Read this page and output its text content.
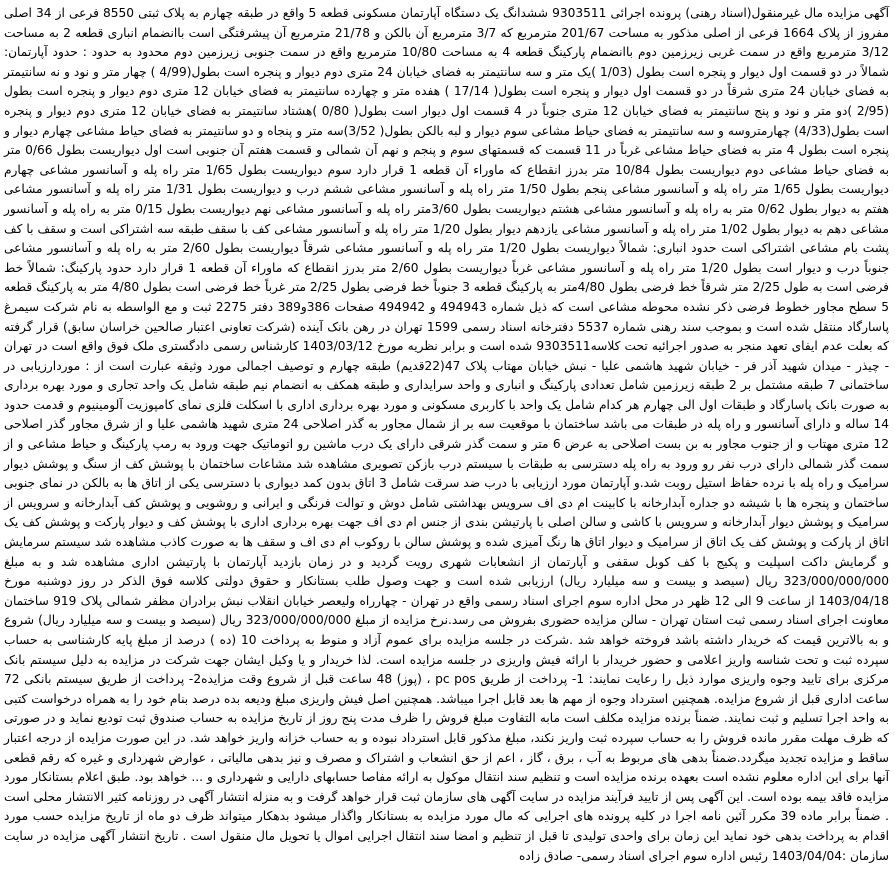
آگهی مزایده مال غیرمنقول(اسناد رهنی) پرونده اجرائی 9303511 ششدانگ یک دستگاه آپارتمان مسکونی قطعه 5 واقع در طبقه چهارم به پلاک ثبتی 8550 فرعی از 34 اصلی مفروز از پلاک 1664 فرعی از اصلی مذکور به مساحت 201/67 مترمربع که 3/7 مترمربع آن بالکن و 21/78 مترمربع آن پیشرفتگی است باانضمام انباری قطعه 2 به مساحت 3/12 مترمربع واقع در سمت غربی زیرزمین دوم باانضمام پارکینگ قطعه 4 به مساحت 10/80 مترمربع واقع در سمت جنوبی زیرزمین دوم محدود به حدود : حدود آپارتمان: شمالاً در دو قسمت اول دیوار و پنجره است بطول (1/03 )یک متر و سه سانتیمتر به فضای خیابان 24 متری دوم دیوار و پنجره است بطول(4/99 ) چهار متر و نود و نه سانتیمتر به فضای خیابان 24 متری شرقاً در دو قسمت اول دیوار و پنجره است بطول( 17/14 ) هفده متر و چهارده سانتیمتر به فضای خیابان 12 متری دوم دیوار و پنجره است بطول (2/95 )دو متر و نود و پنج سانتیمتر به فضای خیابان 12 متری جنوباً در 4 قسمت اول دیوار است بطول( 0/80 )هشتاد سانتیمتر به فضای خیابان 12 متری دوم دیوار و پنجره است بطول(4/33) چهارمتروسه و سه سانتیمتر به فضای حیاط مشاعی سوم دیوار و لبه بالکن بطول( 3/52)سه متر و پنجاه و دو سانتیمتر به فضای حیاط مشاعی چهارم دیوار و پنجره است بطول 4 متر به فضای حیاط مشاعی غرباً در 11 قسمت که قسمتهای سوم و پنجم و نهم آن شمالی و قسمت هفتم آن جنوبی است اول دیواریست بطول 0/66 متر به فضای حیاط مشاعی دوم دیواریست بطول 10/84 متر بدرز انقطاع که ماوراء آن قطعه 1 قرار دارد سوم دیواریست بطول 1/65 متر راه پله و آسانسور مشاعی چهارم دیواریست بطول 1/65 متر راه پله و آسانسور مشاعی پنجم بطول 1/50 متر راه پله و آسانسور مشاعی ششم درب و دیواریست بطول 1/31 متر راه پله و آسانسور مشاعی هفتم به دیوار بطول 0/62 متر به راه پله و آسانسور مشاعی هشتم دیواریست بطول 3/60متر راه پله و آسانسور مشاعی نهم دیواریست بطول 0/15 متر به راه پله و آسانسور مشاعی دهم به دیوار بطول 1/02 متر راه پله و آسانسور مشاعی یازدهم دیوار بطول 1/20 متر راه پله و آسانسور مشاعی کف با سقف طبقه سه اشتراکی است و سقف با کف پشت بام مشاعی اشتراکی است حدود انباری: شمالاً دیواریست بطول 1/20 متر راه پله و آسانسور مشاعی شرقاً دیواریست بطول 2/60 متر به راه پله و آسانسور مشاعی جنوباً درب و دیوار است بطول 1/20 متر راه پله و آسانسور مشاعی غرباً دیواریست بطول 2/60 متر بدرز انقطاع که ماوراء آن قطعه 1 قرار دارد حدود پارکینگ: شمالاً خط فرضی است به طول 2/25 متر شرقاً خط فرضی بطول 4/80متر به پارکینگ قطعه 3 جنوباً خط فرضی بطول 2/25 متر غرباً خط فرضی است بطول 4/80 متر به پارکینگ قطعه 5 سطح مجاور خطوط فرضی ذکر نشده محوطه مشاعی است که ذیل شماره 494943 و 494942 صفحات 386و389 دفتر 2275 ثبت و مع الواسطه به نام شرکت سیمرغ پاسارگاد منتقل شده است و بموجب سند رهنی شماره 5537 دفترخانه اسناد رسمی 1599 تهران در رهن بانک آینده (شرکت تعاونی اعتبار صالحین خراسان سابق) قرار گرفته که بعلت عدم ایفای تعهد منجر به صدور اجرائیه تحت کلاسه9303511 شده است و برابر نظریه مورخ 1403/03/12 کارشناس رسمی دادگستری ملک فوق واقع است در تهران - چیذر - میدان شهید آذر فر - خیابان شهید هاشمی علیا - نبش خیابان مهتاب پلاک 47(22قدیم) طبقه چهارم و توصیف اجمالی مورد وثیقه عبارت است از : موردارزیابی در ساختمانی 7 طبقه مشتمل بر 2 طبقه زیرزمین شامل تعدادی پارکینگ و انباری و واحد سرایداری و طبقه همکف به انضمام نیم طبقه شامل یک واحد تجاری و مورد بهره برداری به صورت بانک پاسارگاد و طبقات اول الی چهارم هر کدام شامل یک واحد با کاربری مسکونی و مورد بهره برداری اداری با اسکلت فلزی نمای کامپوزیت آلومینیوم و قدمت حدود 14 ساله و دارای آسانسور و راه پله در طبقات می باشد ساختمان با موقعیت سه بر از شمال مجاور به گذر اصلاحی 24 متری شهید هاشمی علیا و از شرق مجاور گذر اصلاحی 12 متری مهتاب و از جنوب مجاور به بن بست اصلاحی به عرض 6 متر و سمت گذر شرقی دارای یک درب ماشین رو اتوماتیک جهت ورود به رمپ پارکینگ و حیاط مشاعی و از سمت گذر شمالی دارای درب نفر رو ورود به راه پله دسترسی به طبقات با سیستم درب بازکن تصویری مشاهده شد مشاعات ساختمان با پوشش کف از سنگ و پوشش دیوار سرامیک و راه پله با نرده حفاظ استیل روبت شد.و آپارتمان مورد ارزیابی با درب ضد سرقت شامل 3 اتاق بدون کمد دیواری با دسترسی یکی از اتاق ها به بالکن در نمای جنوبی ساختمان و پنجره ها با شیشه دو جداره آبدارخانه با کابینت ام دی اف سرویس بهداشتی شامل دوش و توالت فرنگی و ایرانی و روشویی و پوشش کف آبدارخانه و سرویس از سرامیک و پوشش دیوار آبدارخانه و سرویس با کاشی و سالن اصلی با پارتیشن بندی از جنس ام دی اف جهت بهره برداری اداری با پوشش کف و دیوار پارکت و پوشش کف یک اتاق از پارکت و پوشش کف یک اتاق از سرامیک و دیوار اتاق ها رنگ آمیزی شده و پوشش سالن با روکوب ام دی اف و سقف ها به صورت کاذب مشاهده شد سیستم سرمایش و گرمایش داکت اسپلیت و پکیج با کف کوبل سقفی و آپارتمان از انشعابات شهری رویت گردید و در زمان بازدید آپارتمان با پارتیشن اداری مشاهده شد و به مبلغ 323/000/000/000 ریال (سیصد و بیست و سه میلیارد ریال) ارزیابی شده است و جهت وصول طلب بستانکار و حقوق دولتی کلاسه فوق الذکر در روز دوشنبه مورخ 1403/04/18 از ساعت 9 الی 12 ظهر در محل اداره سوم اجرای اسناد رسمی واقع در تهران - چهارراه ولیعصر خیابان انقلاب نبش برادران مظفر شمالی پلاک 919 ساختمان معاونت اجرای اسناد رسمی ثبت استان تهران - سالن مزایده حضوری بفروش می رسد.نرخ مزایده از مبلغ 323/000/000/000 ریال (سیصد و بیست و سه میلیارد ریال) شروع و به بالاترین قیمت که خریدار داشته باشد فروخته خواهد شد .شرکت در جلسه مزایده برای عموم آزاد و منوط به پرداخت 10 (ده ) درصد از مبلغ پایه کارشناسی به حساب سپرده ثبت و تحت شناسه واریز اعلامی و حضور خریدار با ارائه فیش واریزی در جلسه مزایده است. لذا خریدار و یا وکیل ایشان جهت شرکت در مزایده به دلیل سیستم بانک مرکزی برای تایید وجوه واریزی موارد ذیل را رعایت نمایند: 1- پرداخت از طریق pc pos ، (پوز) 48 ساعت قبل از شروع وقت مزایده2- پرداخت از طریق سیستم بانکی 72 ساعت اداری قبل از شروع مزایده. همچنین استرداد وجوه از مهم ها بعد قابل اجرا میباشد. همچنین اصل فیش واریزی مبلغ ودیعه بده درصد بنام خود را به همراه درخواست کتبی به واحد اجرا تسلیم و ثبت نمایند. ضمناً برنده مزایده مکلف است مابه التفاوت مبلغ فروش را ظرف مدت پنج روز از تاریخ مزایده به حساب صندوق ثبت تودیع نماید و در صورتی که ظرف مهلت مقرر مانده فروش را به حساب سپرده ثبت واریز نکند، مبلغ مذکور قابل استرداد نبوده و به حساب خزانه واریز خواهد شد. در این صورت مزایده از درجه اعتبار ساقط و مزایده تجدید میگردد.ضمناً بدهی های مربوط به آب ، برق ، گاز ، اعم از حق انشعاب و اشتراک و مصرف و نیز بدهی مالیاتی ، عوارض شهرداری و غیره که رقم قطعی آنها برای این اداره معلوم نشده است بعهده برنده مزایده است و تنظیم سند انتقال موکول به ارائه مفاصا حسابهای دارایی و شهرداری و ... خواهد بود. طبق اعلام بستانکار مورد مزایده فاقد بیمه بوده است. این آگهی پس از تایید فرآیند مزایده در سایت آگهی های سازمان ثبت قرار خواهد گرفت و به منزله انتشار آگهی در روزنامه کثیر الانتشار محلی است . ضمناً برابر ماده 39 مکرر آئین نامه اجرا در کلیه پرونده های اجرایی که مال مورد مزایده به بستانکار واگذار میشود بدهکار میتواند ظرف دو ماه از تاریخ مزایده حسب مورد اقدام به پرداخت بدهی خود نماید این زمان برای واحدی تولیدی تا قبل از تنظیم و امضا سند انتقال اجرایی اموال یا تحویل مال منقول است . تاریخ انتشار آگهی مزایده در سایت سازمان :1403/04/04 رئیس اداره سوم اجرای اسناد رسمی- صادق زاده
